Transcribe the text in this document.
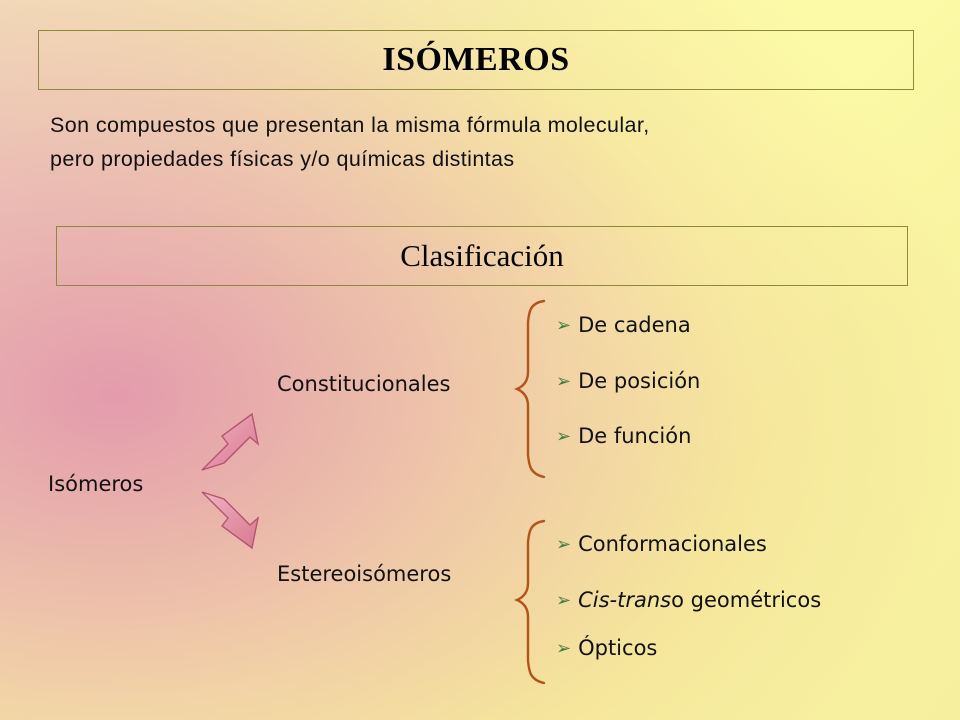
ISÓMEROS
Son compuestos que presentan la misma fórmula molecular,
pero propiedades físicas y/o químicas distintas
Clasificación
Isómeros
Constitucionales
Estereoisómeros
➢ De cadena
➢ De posición
➢ De función
➢ Conformacionales
➢ Cis-trans o geométricos
➢ Ópticos
